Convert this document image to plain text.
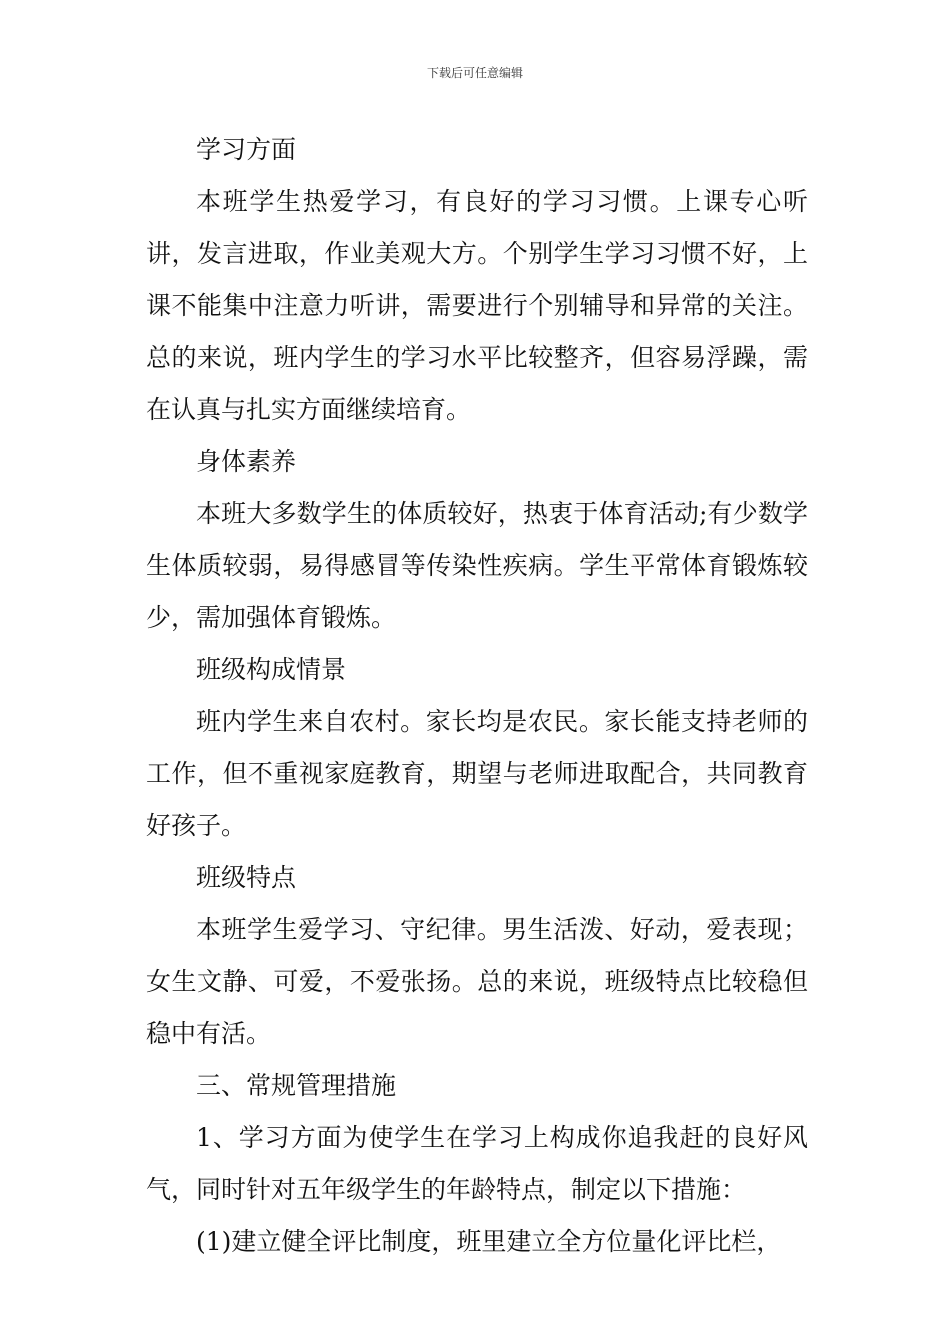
下载后可任意编辑

学习方面

本班学生热爱学习，有良好的学习习惯。上课专心听讲，发言进取，作业美观大方。个别学生学习习惯不好，上课不能集中注意力听讲，需要进行个别辅导和异常的关注。总的来说，班内学生的学习水平比较整齐，但容易浮躁，需在认真与扎实方面继续培育。

身体素养

本班大多数学生的体质较好，热衷于体育活动;有少数学生体质较弱，易得感冒等传染性疾病。学生平常体育锻炼较少，需加强体育锻炼。

班级构成情景

班内学生来自农村。家长均是农民。家长能支持老师的工作，但不重视家庭教育，期望与老师进取配合，共同教育好孩子。

班级特点

本班学生爱学习、守纪律。男生活泼、好动，爱表现；女生文静、可爱，不爱张扬。总的来说，班级特点比较稳但稳中有活。

三、常规管理措施

1、学习方面为使学生在学习上构成你追我赶的良好风气，同时针对五年级学生的年龄特点，制定以下措施：

(1)建立健全评比制度，班里建立全方位量化评比栏，
